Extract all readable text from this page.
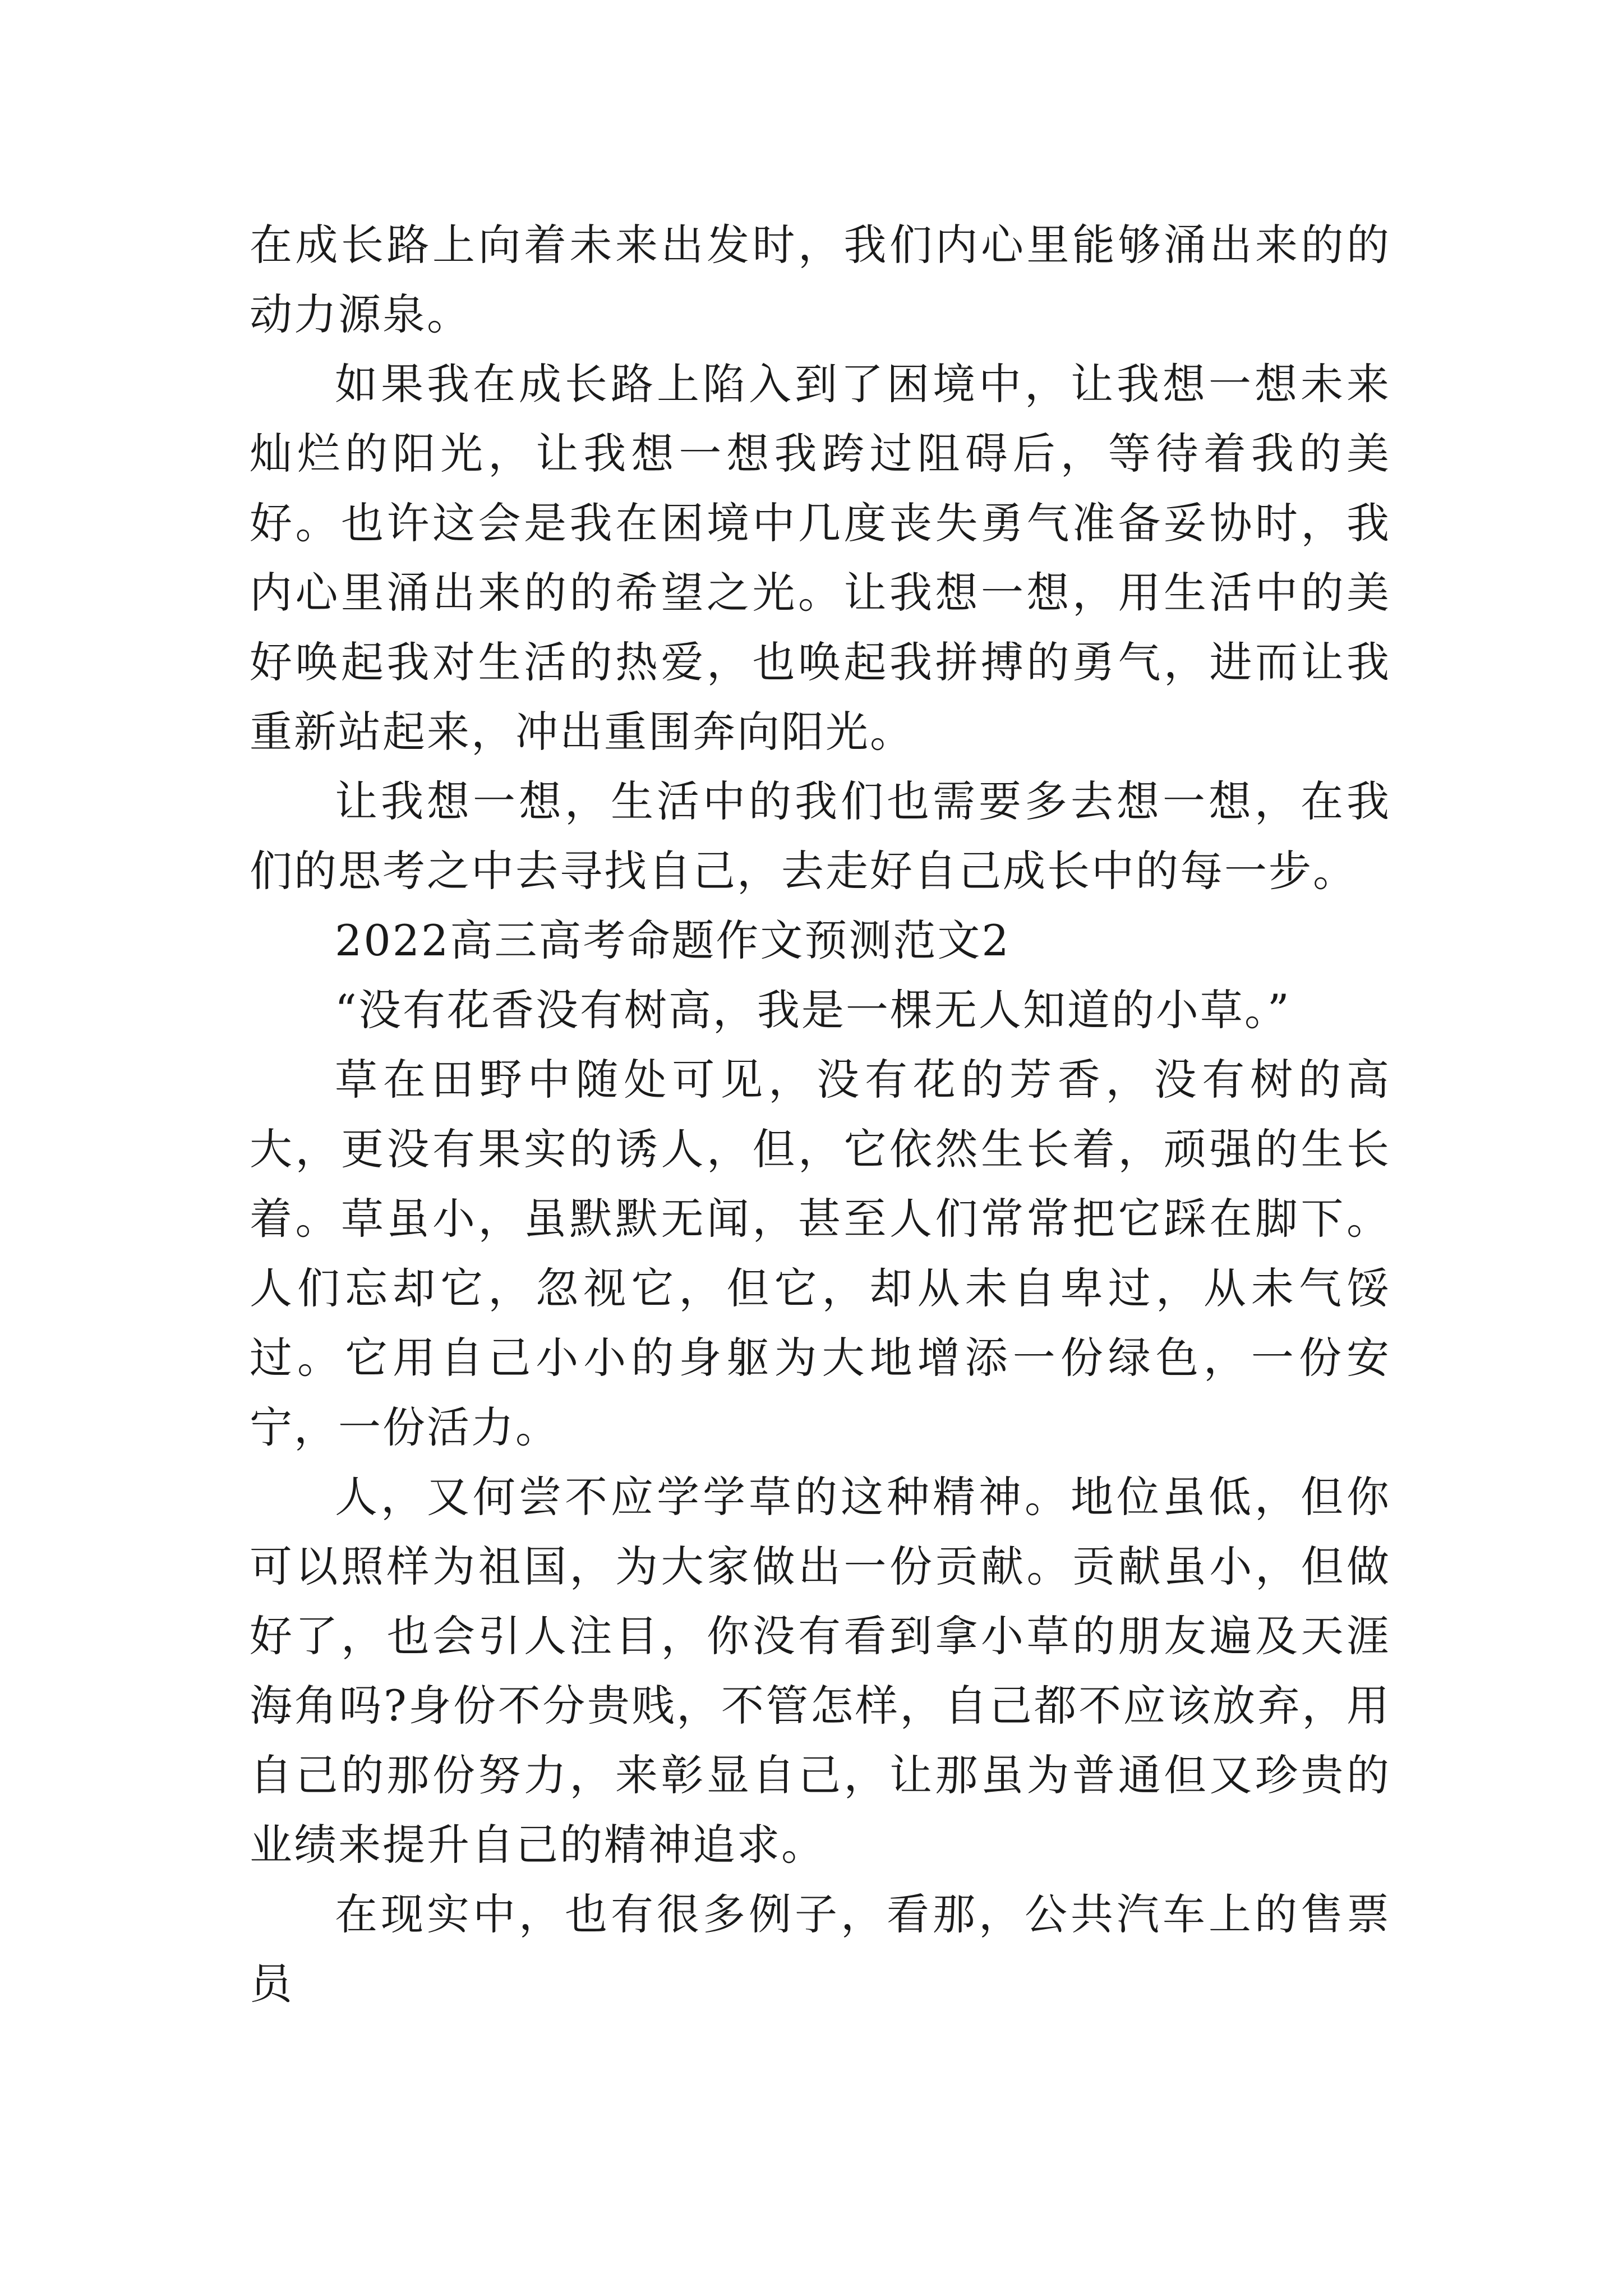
在成长路上向着未来出发时，我们内心里能够涌出来的的动力源泉。

如果我在成长路上陷入到了困境中，让我想一想未来灿烂的阳光，让我想一想我跨过阻碍后，等待着我的美好。也许这会是我在困境中几度丧失勇气准备妥协时，我内心里涌出来的的希望之光。让我想一想，用生活中的美好唤起我对生活的热爱，也唤起我拼搏的勇气，进而让我重新站起来，冲出重围奔向阳光。

让我想一想，生活中的我们也需要多去想一想，在我们的思考之中去寻找自己，去走好自己成长中的每一步。

2022高三高考命题作文预测范文2

“没有花香没有树高，我是一棵无人知道的小草。”

草在田野中随处可见，没有花的芳香，没有树的高大，更没有果实的诱人，但，它依然生长着，顽强的生长着。草虽小，虽默默无闻，甚至人们常常把它踩在脚下。人们忘却它，忽视它，但它，却从未自卑过，从未气馁过。它用自己小小的身躯为大地增添一份绿色，一份安宁，一份活力。

人，又何尝不应学学草的这种精神。地位虽低，但你可以照样为祖国，为大家做出一份贡献。贡献虽小，但做好了，也会引人注目，你没有看到拿小草的朋友遍及天涯海角吗?身份不分贵贱，不管怎样，自己都不应该放弃，用自己的那份努力，来彰显自己，让那虽为普通但又珍贵的业绩来提升自己的精神追求。

在现实中，也有很多例子，看那，公共汽车上的售票员
